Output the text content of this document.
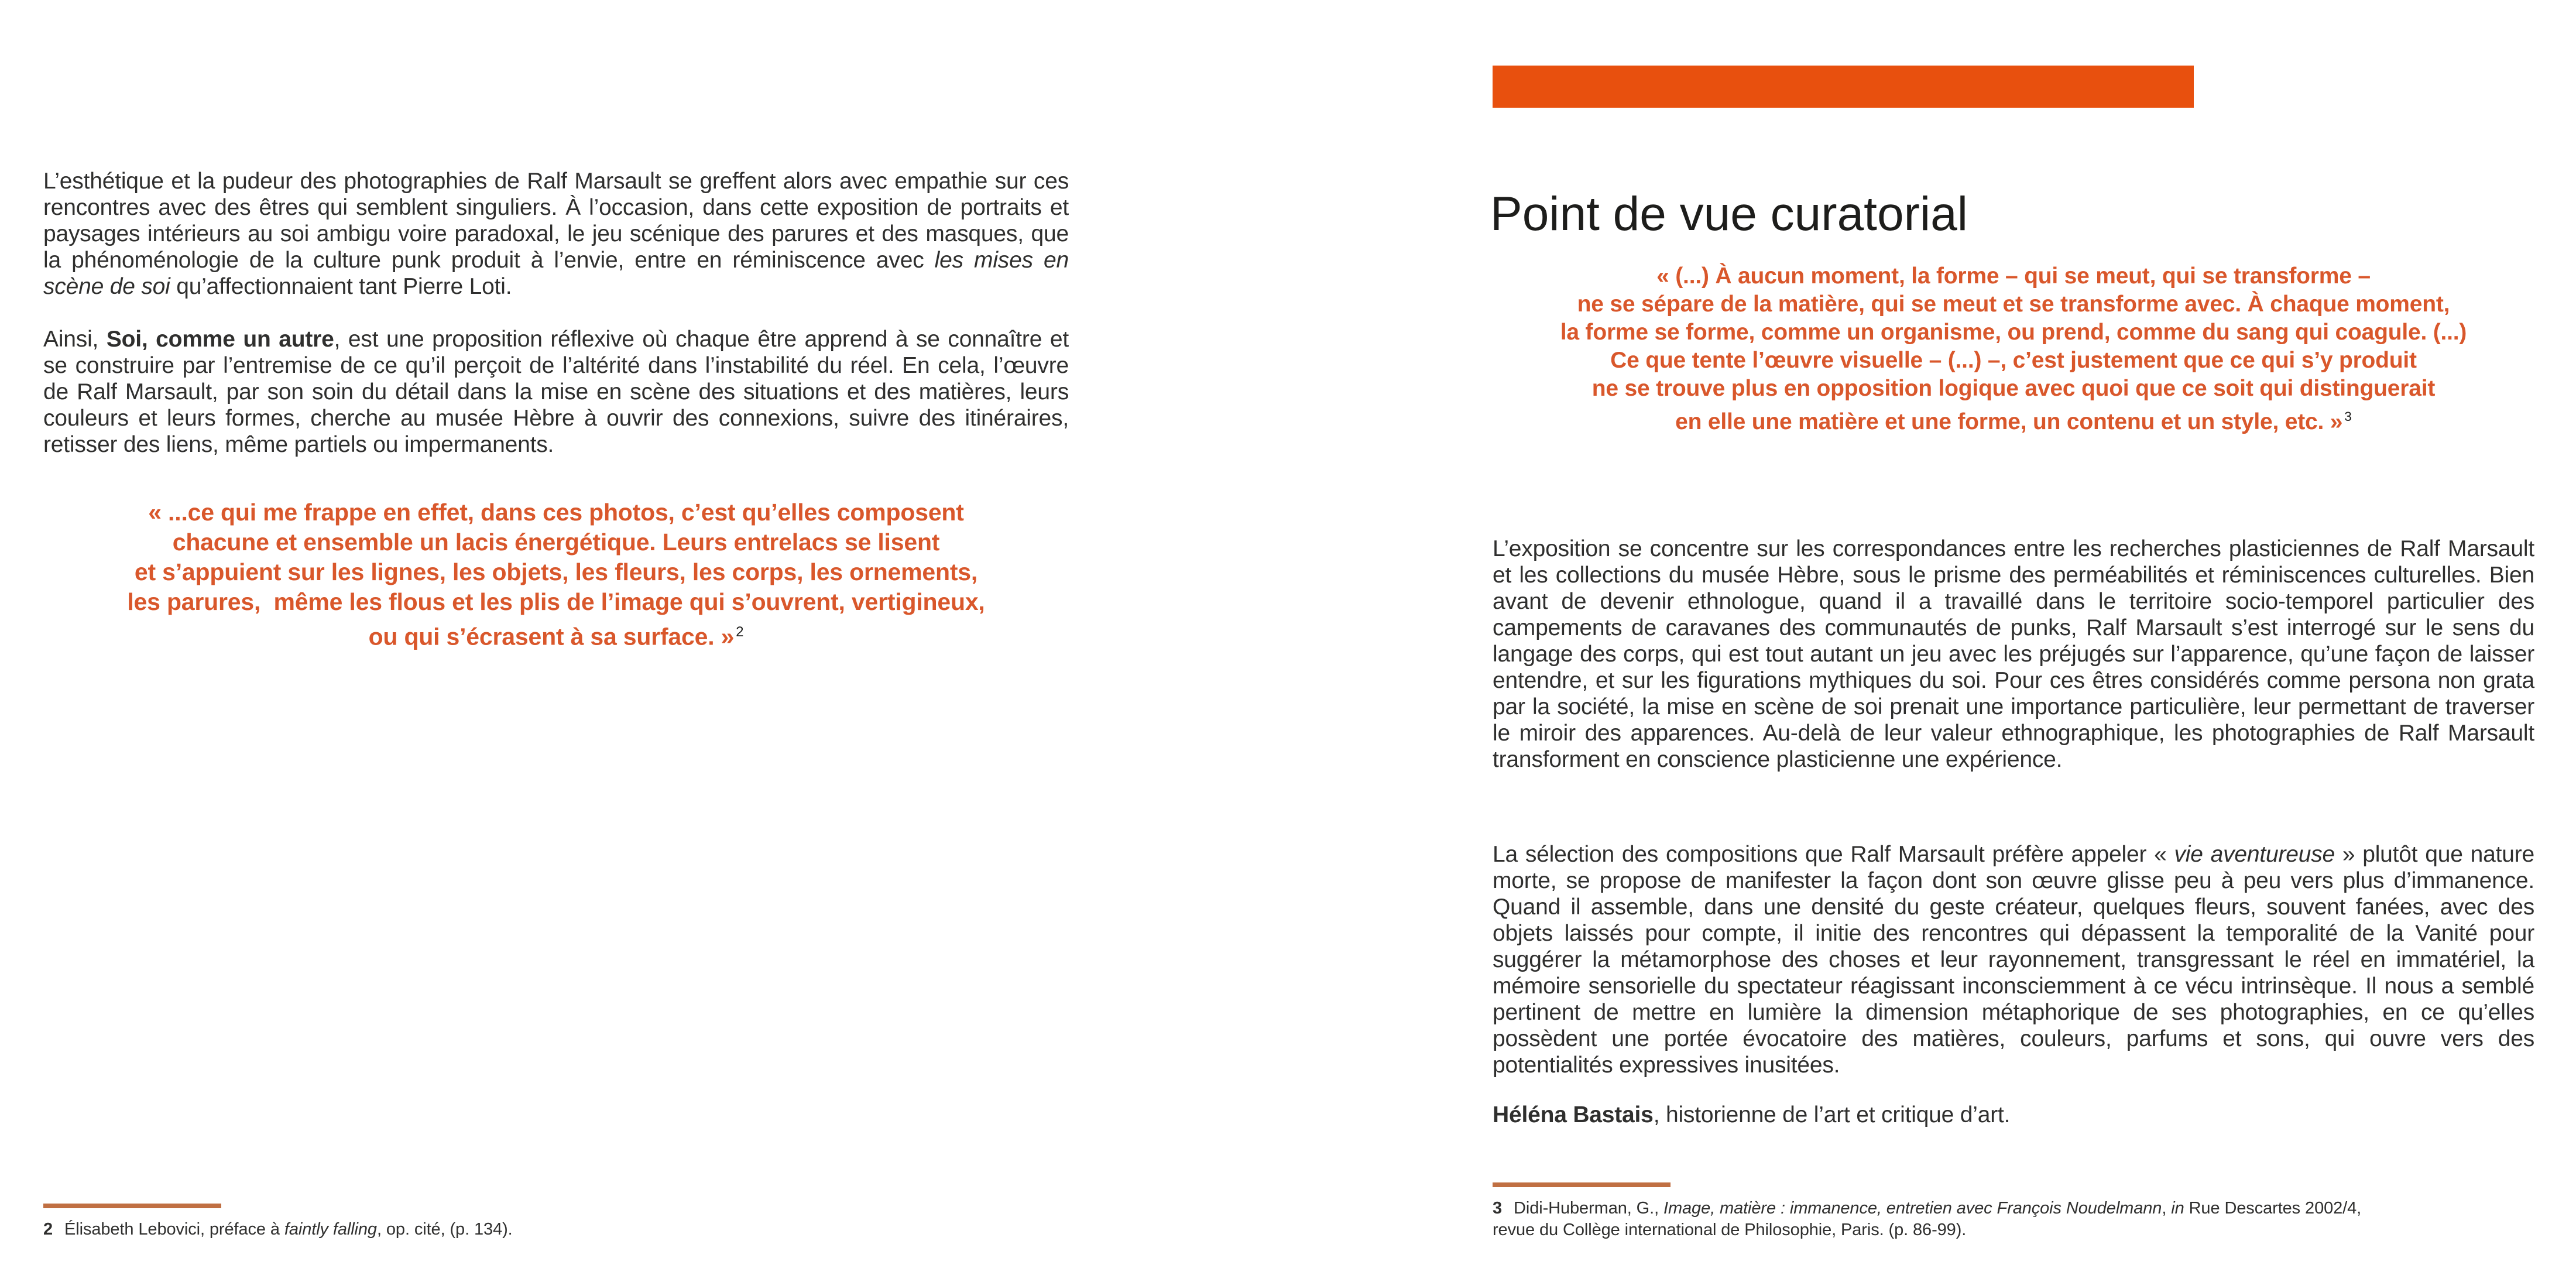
L’esthétique et la pudeur des photographies de Ralf Marsault se greffent alors avec empathie sur ces rencontres avec des êtres qui semblent singuliers. À l’occasion, dans cette exposition de portraits et paysages intérieurs au soi ambigu voire paradoxal, le jeu scénique des parures et des masques, que la phénoménologie de la culture punk produit à l’envie, entre en réminiscence avec les mises en scène de soi qu’affectionnaient tant Pierre Loti.

Ainsi, Soi, comme un autre, est une proposition réflexive où chaque être apprend à se connaître et se construire par l’entremise de ce qu’il perçoit de l’altérité dans l’instabilité du réel. En cela, l’œuvre de Ralf Marsault, par son soin du détail dans la mise en scène des situations et des matières, leurs couleurs et leurs formes, cherche au musée Hèbre à ouvrir des connexions, suivre des itinéraires, retisser des liens, même partiels ou impermanents.

« ...ce qui me frappe en effet, dans ces photos, c’est qu’elles composent
chacune et ensemble un lacis énergétique. Leurs entrelacs se lisent
et s’appuient sur les lignes, les objets, les fleurs, les corps, les ornements,
les parures,  même les flous et les plis de l’image qui s’ouvrent, vertigineux,
ou qui s’écrasent à sa surface. » $^2$
2 Élisabeth Lebovici, préface à faintly falling, op. cité, (p. 134).
Point de vue curatorial
« (...) À aucun moment, la forme – qui se meut, qui se transforme –
ne se sépare de la matière, qui se meut et se transforme avec. À chaque moment,
la forme se forme, comme un organisme, ou prend, comme du sang qui coagule. (...)
Ce que tente l’œuvre visuelle – (...) –, c’est justement que ce qui s’y produit
ne se trouve plus en opposition logique avec quoi que ce soit qui distinguerait
en elle une matière et une forme, un contenu et un style, etc. » $^3$

L’exposition se concentre sur les correspondances entre les recherches plasticiennes de Ralf Marsault et les collections du musée Hèbre, sous le prisme des perméabilités et réminiscences culturelles. Bien avant de devenir ethnologue, quand il a travaillé dans le territoire socio-temporel particulier des campements de caravanes des communautés de punks, Ralf Marsault s’est interrogé sur le sens du langage des corps, qui est tout autant un jeu avec les préjugés sur l’apparence, qu’une façon de laisser entendre, et sur les figurations mythiques du soi. Pour ces êtres considérés comme persona non grata par la société, la mise en scène de soi prenait une importance particulière, leur permettant de traverser le miroir des apparences. Au-delà de leur valeur ethnographique, les photographies de Ralf Marsault transforment en conscience plasticienne une expérience.

La sélection des compositions que Ralf Marsault préfère appeler « vie aventureuse » plutôt que nature morte, se propose de manifester la façon dont son œuvre glisse peu à peu vers plus d’immanence. Quand il assemble, dans une densité du geste créateur, quelques fleurs, souvent fanées, avec des objets laissés pour compte, il initie des rencontres qui dépassent la temporalité de la Vanité pour suggérer la métamorphose des choses et leur rayonnement, transgressant le réel en immatériel, la mémoire sensorielle du spectateur réagissant inconsciemment à ce vécu intrinsèque. Il nous a semblé pertinent de mettre en lumière la dimension métaphorique de ses photographies, en ce qu’elles possèdent une portée évocatoire des matières, couleurs, parfums et sons, qui ouvre vers des potentialités expressives inusitées.

Héléna Bastais, historienne de l’art et critique d’art.

3 Didi-Huberman, G., Image, matière : immanence, entretien avec François Noudelmann, in Rue Descartes 2002/4,
revue du Collège international de Philosophie, Paris. (p. 86-99).
